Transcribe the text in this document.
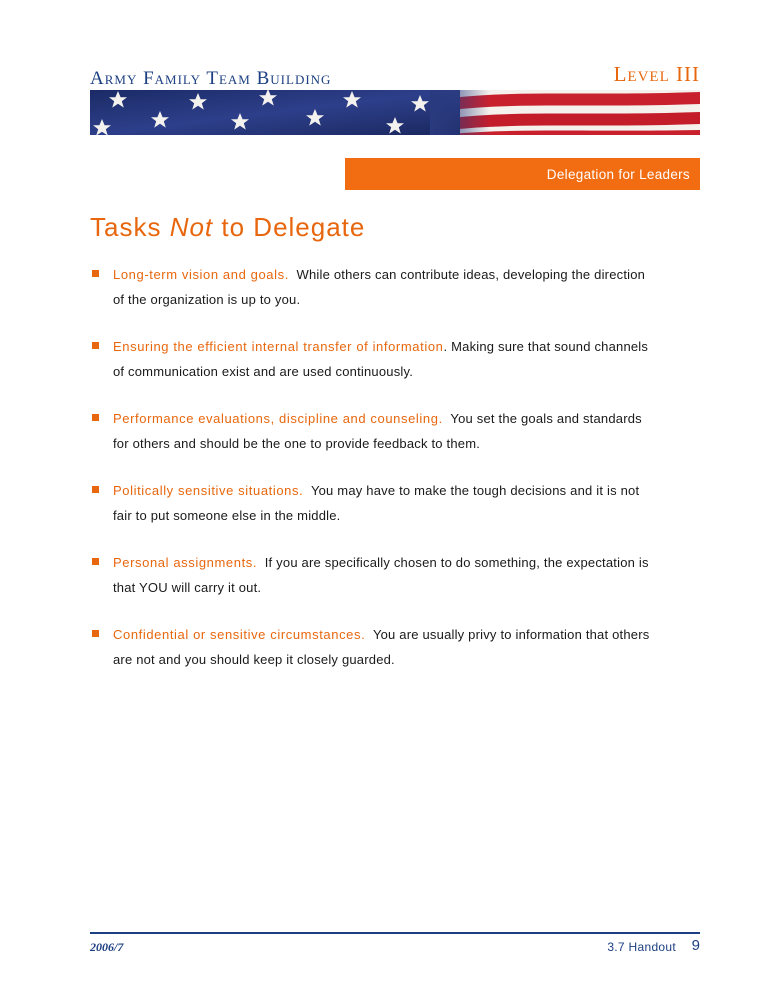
Army Family Team Building	Level III
Delegation for Leaders
Tasks Not to Delegate
Long-term vision and goals. While others can contribute ideas, developing the direction of the organization is up to you.
Ensuring the efficient internal transfer of information. Making sure that sound channels of communication exist and are used continuously.
Performance evaluations, discipline and counseling. You set the goals and standards for others and should be the one to provide feedback to them.
Politically sensitive situations. You may have to make the tough decisions and it is not fair to put someone else in the middle.
Personal assignments. If you are specifically chosen to do something, the expectation is that YOU will carry it out.
Confidential or sensitive circumstances. You are usually privy to information that others are not and you should keep it closely guarded.
2006/7	3.7 Handout 9
